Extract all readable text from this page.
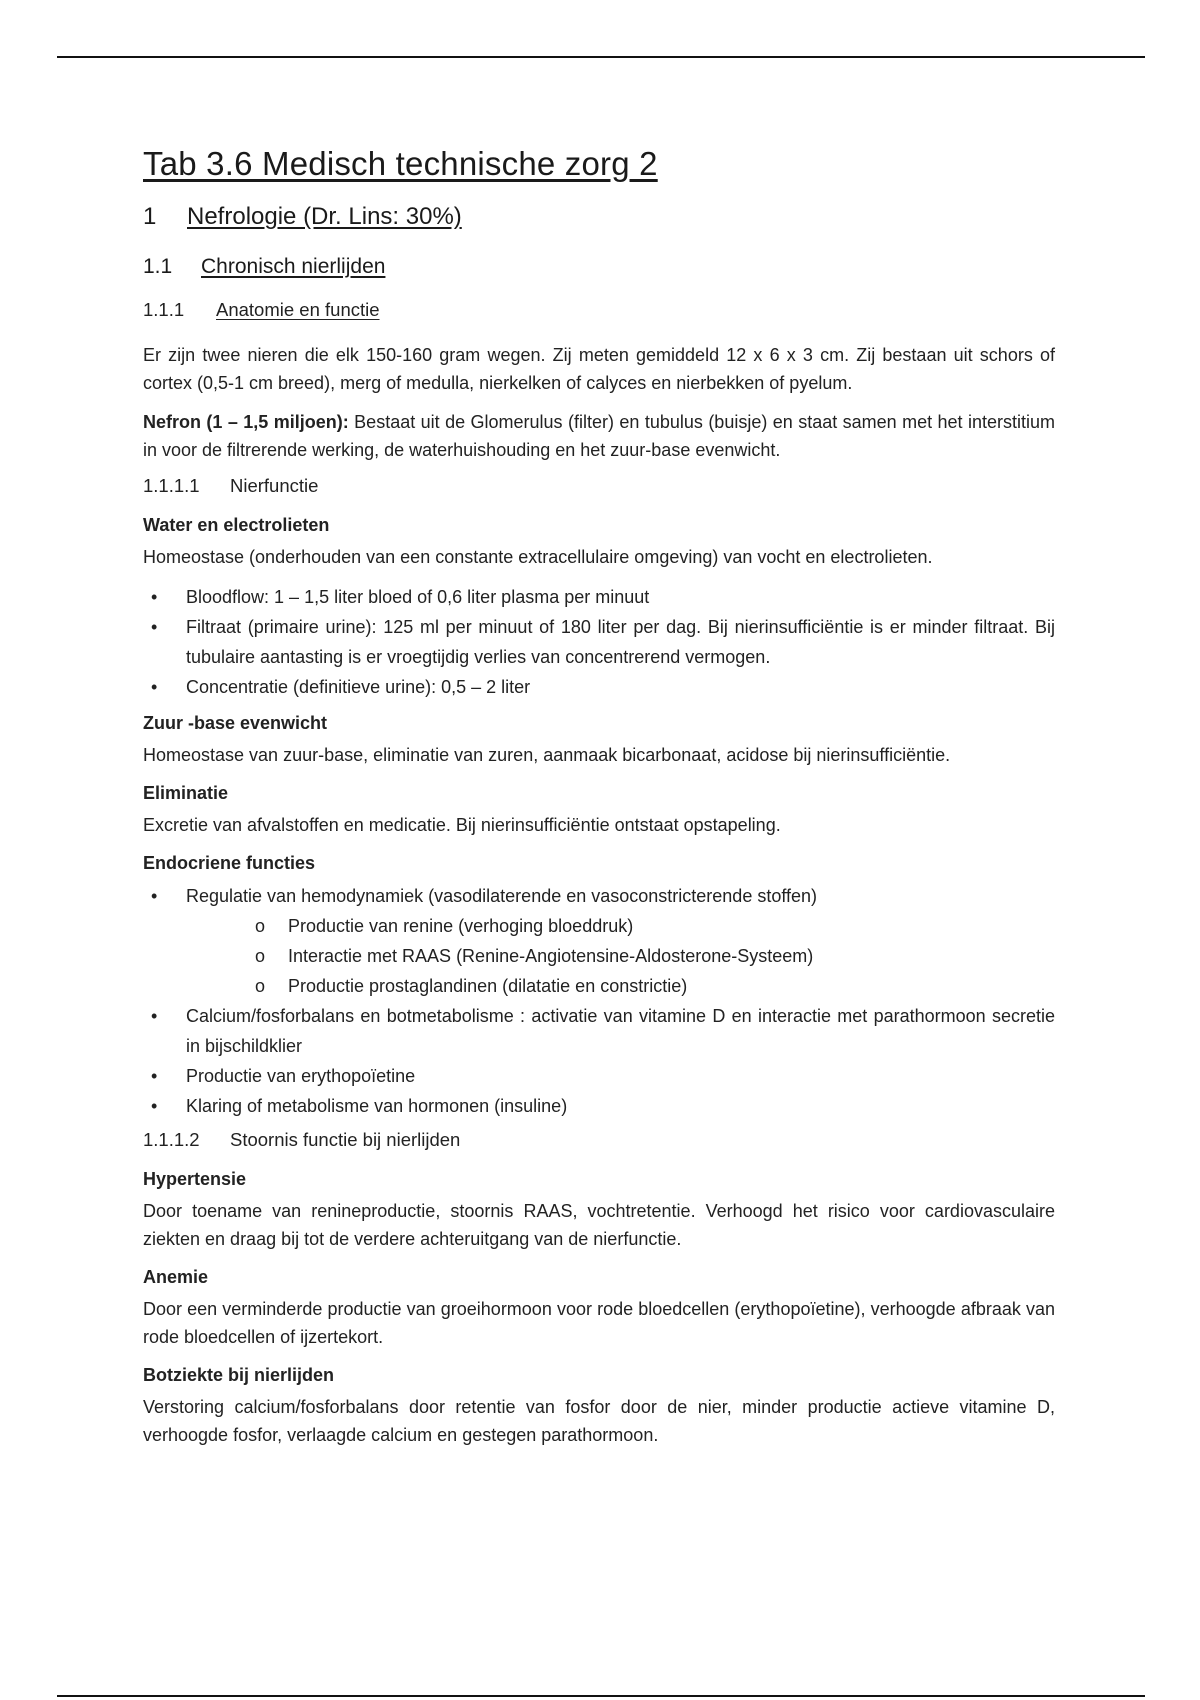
Tab 3.6 Medisch technische zorg 2
1	Nefrologie (Dr. Lins: 30%)
1.1	Chronisch nierlijden
1.1.1	Anatomie en functie

Er zijn twee nieren die elk 150-160 gram wegen. Zij meten gemiddeld 12 x 6 x 3 cm. Zij bestaan uit schors of cortex (0,5-1 cm breed), merg of medulla, nierkelken of calyces en nierbekken of pyelum.

Nefron (1 – 1,5 miljoen): Bestaat uit de Glomerulus (filter) en tubulus (buisje) en staat samen met het interstitium in voor de filtrerende werking, de waterhuishouding en het zuur-base evenwicht.

1.1.1.1	Nierfunctie
Water en electrolieten

Homeostase (onderhouden van een constante extracellulaire omgeving) van vocht en electrolieten.

• Bloodflow: 1 – 1,5 liter bloed of 0,6 liter plasma per minuut
• Filtraat (primaire urine): 125 ml per minuut of 180 liter per dag. Bij nierinsufficiëntie is er minder filtraat. Bij tubulaire aantasting is er vroegtijdig verlies van concentrerend vermogen.
• Concentratie (definitieve urine): 0,5 – 2 liter
Zuur -base evenwicht

Homeostase van zuur-base, eliminatie van zuren, aanmaak bicarbonaat, acidose bij nierinsufficiëntie.

Eliminatie

Excretie van afvalstoffen en medicatie. Bij nierinsufficiëntie ontstaat opstapeling.

Endocriene functies
• Regulatie van hemodynamiek (vasodilaterende en vasoconstricterende stoffen)
o Productie van renine (verhoging bloeddruk)
o Interactie met RAAS (Renine-Angiotensine-Aldosterone-Systeem)
o Productie prostaglandinen (dilatatie en constrictie)
• Calcium/fosforbalans en botmetabolisme : activatie van vitamine D en interactie met parathormoon secretie in bijschildklier
• Productie van erythopoïetine
• Klaring of metabolisme van hormonen (insuline)
1.1.1.2	Stoornis functie bij nierlijden
Hypertensie

Door toename van renineproductie, stoornis RAAS, vochtretentie. Verhoogd het risico voor cardiovasculaire ziekten en draag bij tot de verdere achteruitgang van de nierfunctie.

Anemie

Door een verminderde productie van groeihormoon voor rode bloedcellen (erythopoïetine), verhoogde afbraak van rode bloedcellen of ijzertekort.

Botziekte bij nierlijden

Verstoring calcium/fosforbalans door retentie van fosfor door de nier, minder productie actieve vitamine D, verhoogde fosfor, verlaagde calcium en gestegen parathormoon.
